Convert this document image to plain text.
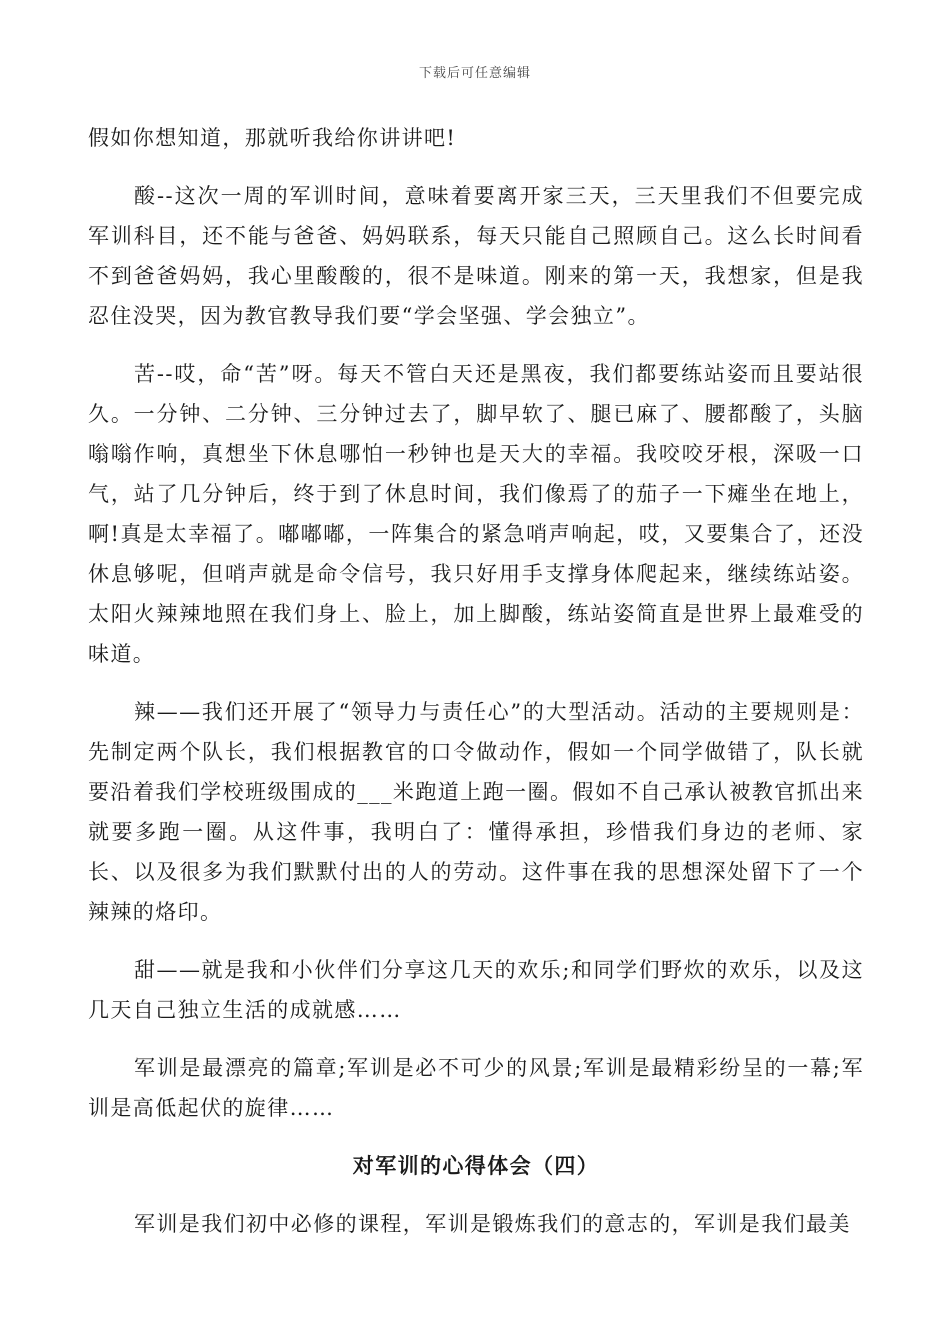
下载后可任意编辑

假如你想知道，那就听我给你讲讲吧!

酸--这次一周的军训时间，意味着要离开家三天，三天里我们不但要完成军训科目，还不能与爸爸、妈妈联系，每天只能自己照顾自己。这么长时间看不到爸爸妈妈，我心里酸酸的，很不是味道。刚来的第一天，我想家，但是我忍住没哭，因为教官教导我们要“学会坚强、学会独立”。

苦--哎，命“苦”呀。每天不管白天还是黑夜，我们都要练站姿而且要站很久。一分钟、二分钟、三分钟过去了，脚早软了、腿已麻了、腰都酸了，头脑嗡嗡作响，真想坐下休息哪怕一秒钟也是天大的幸福。我咬咬牙根，深吸一口气，站了几分钟后，终于到了休息时间，我们像焉了的茄子一下瘫坐在地上，啊!真是太幸福了。嘟嘟嘟，一阵集合的紧急哨声响起，哎，又要集合了，还没休息够呢，但哨声就是命令信号，我只好用手支撑身体爬起来，继续练站姿。太阳火辣辣地照在我们身上、脸上，加上脚酸，练站姿简直是世界上最难受的味道。

辣——我们还开展了“领导力与责任心”的大型活动。活动的主要规则是：先制定两个队长，我们根据教官的口令做动作，假如一个同学做错了，队长就要沿着我们学校班级围成的___米跑道上跑一圈。假如不自己承认被教官抓出来就要多跑一圈。从这件事，我明白了：懂得承担，珍惜我们身边的老师、家长、以及很多为我们默默付出的人的劳动。这件事在我的思想深处留下了一个辣辣的烙印。

甜——就是我和小伙伴们分享这几天的欢乐;和同学们野炊的欢乐，以及这几天自己独立生活的成就感……

军训是最漂亮的篇章;军训是必不可少的风景;军训是最精彩纷呈的一幕;军训是高低起伏的旋律……

对军训的心得体会（四）

军训是我们初中必修的课程，军训是锻炼我们的意志的，军训是我们最美
